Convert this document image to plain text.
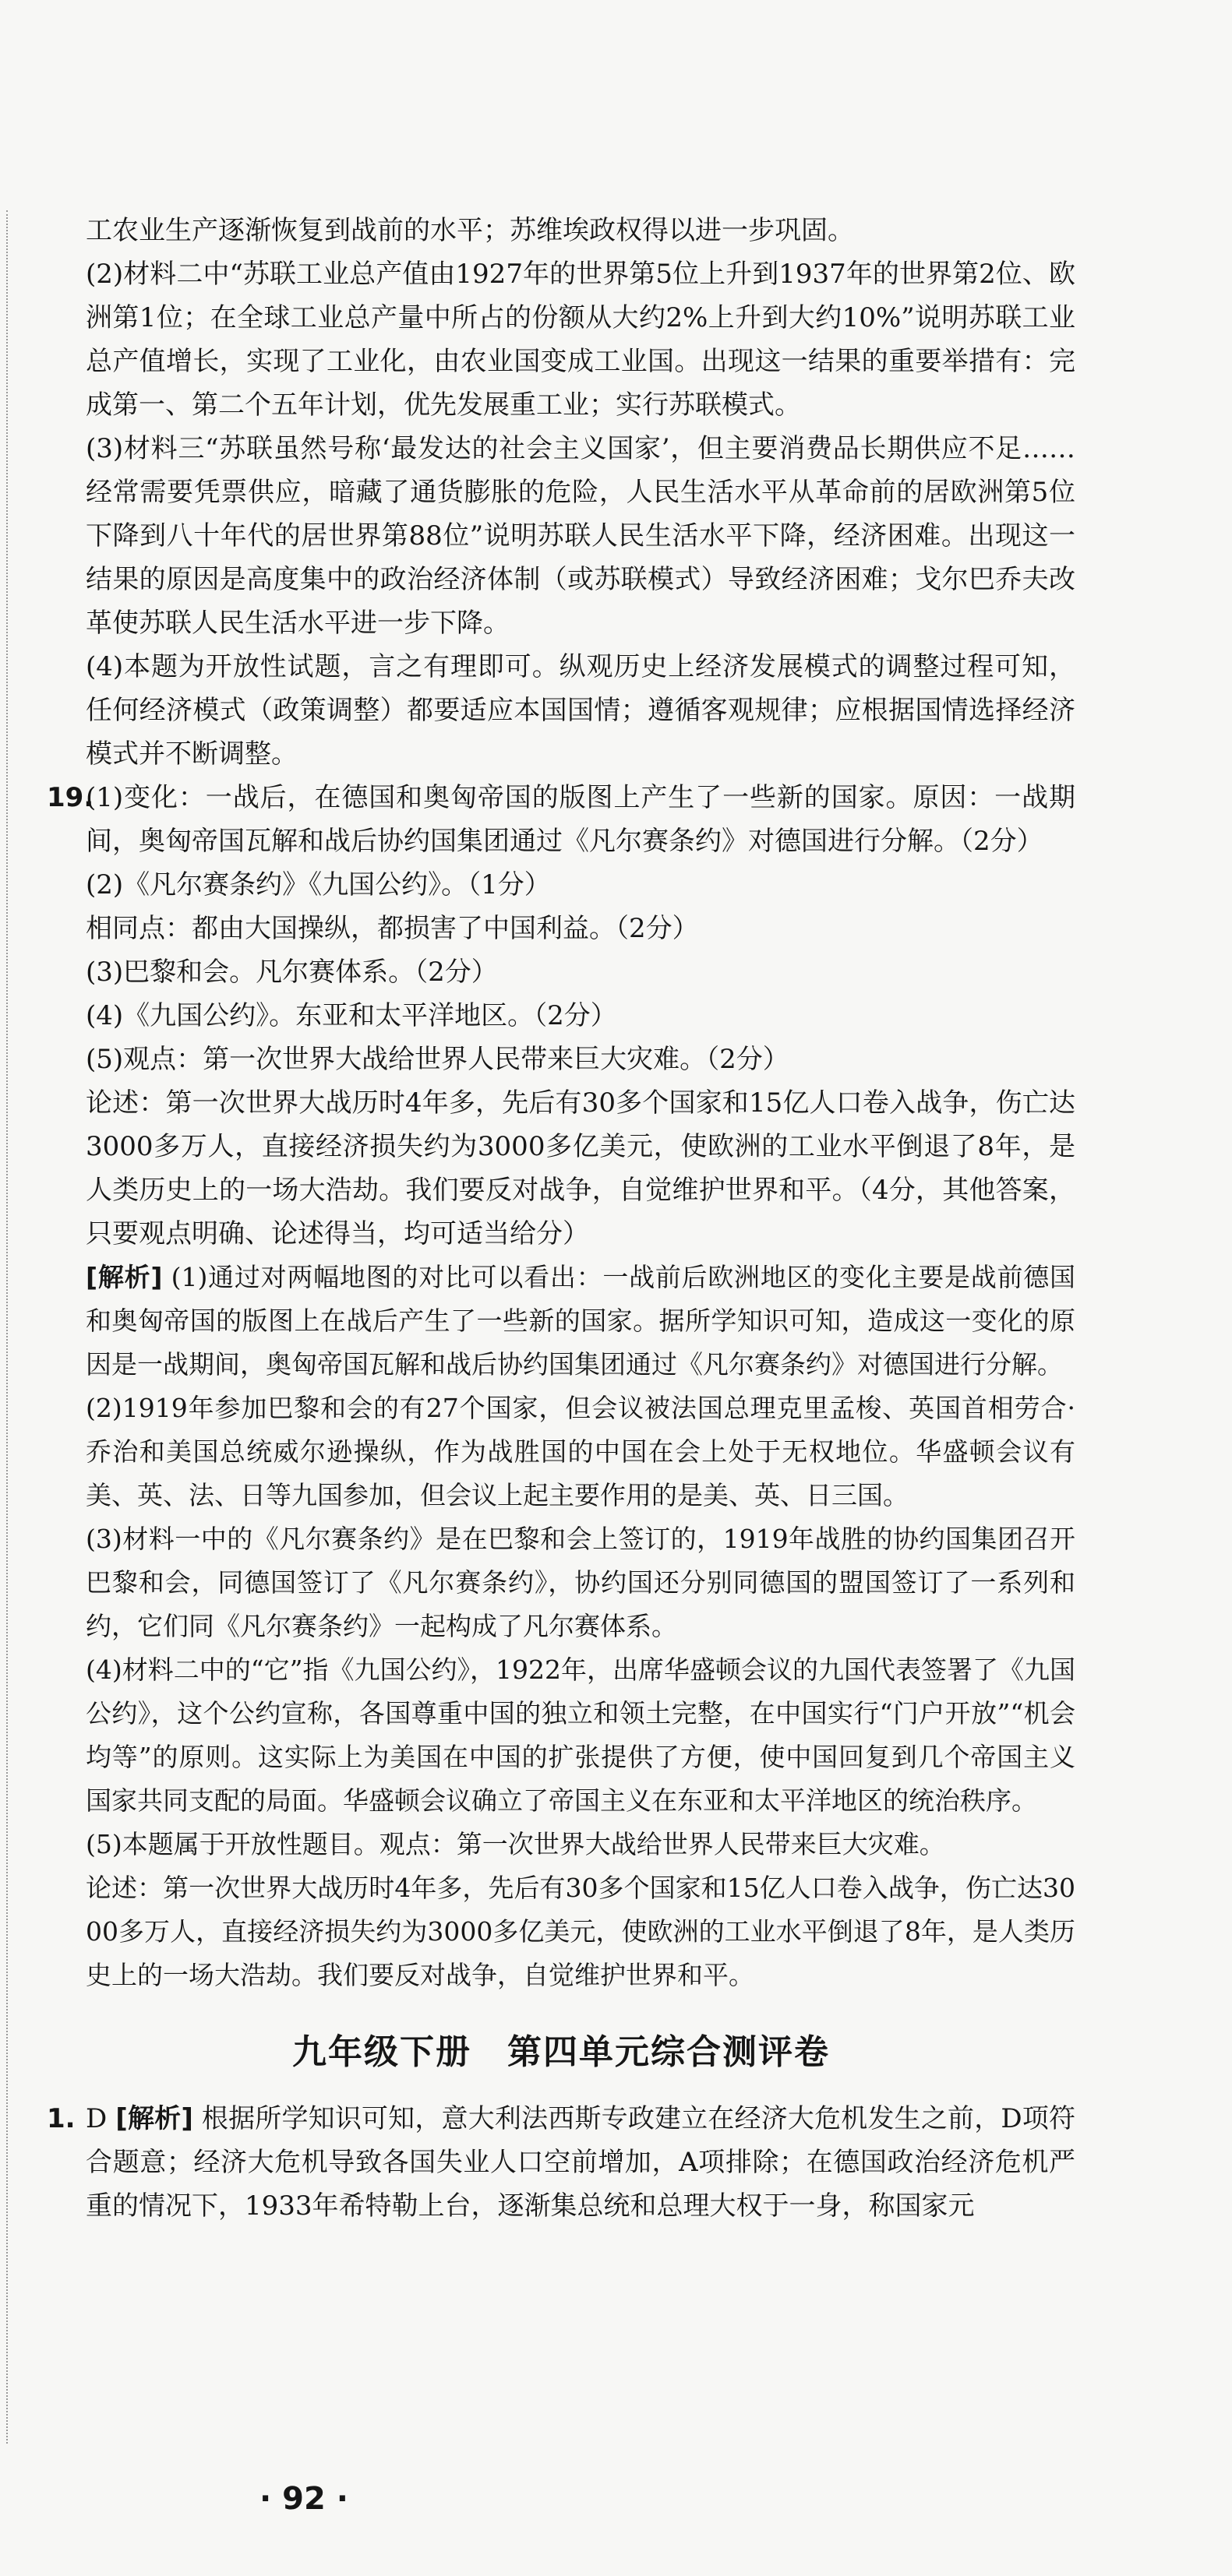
工农业生产逐渐恢复到战前的水平；苏维埃政权得以进一步巩固。

(2)材料二中“苏联工业总产值由1927年的世界第5位上升到1937年的世界第2位、欧洲第1位；在全球工业总产量中所占的份额从大约2%上升到大约10%”说明苏联工业总产值增长，实现了工业化，由农业国变成工业国。出现这一结果的重要举措有：完成第一、第二个五年计划，优先发展重工业；实行苏联模式。

(3)材料三“苏联虽然号称‘最发达的社会主义国家’，但主要消费品长期供应不足……经常需要凭票供应，暗藏了通货膨胀的危险，人民生活水平从革命前的居欧洲第5位下降到八十年代的居世界第88位”说明苏联人民生活水平下降，经济困难。出现这一结果的原因是高度集中的政治经济体制（或苏联模式）导致经济困难；戈尔巴乔夫改革使苏联人民生活水平进一步下降。

(4)本题为开放性试题，言之有理即可。纵观历史上经济发展模式的调整过程可知，任何经济模式（政策调整）都要适应本国国情；遵循客观规律；应根据国情选择经济模式并不断调整。

19.
(1)变化：一战后，在德国和奥匈帝国的版图上产生了一些新的国家。原因：一战期间，奥匈帝国瓦解和战后协约国集团通过《凡尔赛条约》对德国进行分解。（2分）

(2)《凡尔赛条约》《九国公约》。（1分）

相同点：都由大国操纵，都损害了中国利益。（2分）

(3)巴黎和会。凡尔赛体系。（2分）

(4)《九国公约》。东亚和太平洋地区。（2分）

(5)观点：第一次世界大战给世界人民带来巨大灾难。（2分）

论述：第一次世界大战历时4年多，先后有30多个国家和15亿人口卷入战争，伤亡达3000多万人，直接经济损失约为3000多亿美元，使欧洲的工业水平倒退了8年，是人类历史上的一场大浩劫。我们要反对战争，自觉维护世界和平。（4分，其他答案，只要观点明确、论述得当，均可适当给分）

[解析] (1)通过对两幅地图的对比可以看出：一战前后欧洲地区的变化主要是战前德国和奥匈帝国的版图上在战后产生了一些新的国家。据所学知识可知，造成这一变化的原因是一战期间，奥匈帝国瓦解和战后协约国集团通过《凡尔赛条约》对德国进行分解。

(2)1919年参加巴黎和会的有27个国家，但会议被法国总理克里孟梭、英国首相劳合·乔治和美国总统威尔逊操纵，作为战胜国的中国在会上处于无权地位。华盛顿会议有美、英、法、日等九国参加，但会议上起主要作用的是美、英、日三国。

(3)材料一中的《凡尔赛条约》是在巴黎和会上签订的，1919年战胜的协约国集团召开巴黎和会，同德国签订了《凡尔赛条约》，协约国还分别同德国的盟国签订了一系列和约，它们同《凡尔赛条约》一起构成了凡尔赛体系。

(4)材料二中的“它”指《九国公约》，1922年，出席华盛顿会议的九国代表签署了《九国公约》，这个公约宣称，各国尊重中国的独立和领土完整，在中国实行“门户开放”“机会均等”的原则。这实际上为美国在中国的扩张提供了方便，使中国回复到几个帝国主义国家共同支配的局面。华盛顿会议确立了帝国主义在东亚和太平洋地区的统治秩序。

(5)本题属于开放性题目。观点：第一次世界大战给世界人民带来巨大灾难。

论述：第一次世界大战历时4年多，先后有30多个国家和15亿人口卷入战争，伤亡达3000多万人，直接经济损失约为3000多亿美元，使欧洲的工业水平倒退了8年，是人类历史上的一场大浩劫。我们要反对战争，自觉维护世界和平。

九年级下册　第四单元综合测评卷

1. D [解析] 根据所学知识可知，意大利法西斯专政建立在经济大危机发生之前，D项符合题意；经济大危机导致各国失业人口空前增加，A项排除；在德国政治经济危机严重的情况下，1933年希特勒上台，逐渐集总统和总理大权于一身，称国家元

· 92 ·
